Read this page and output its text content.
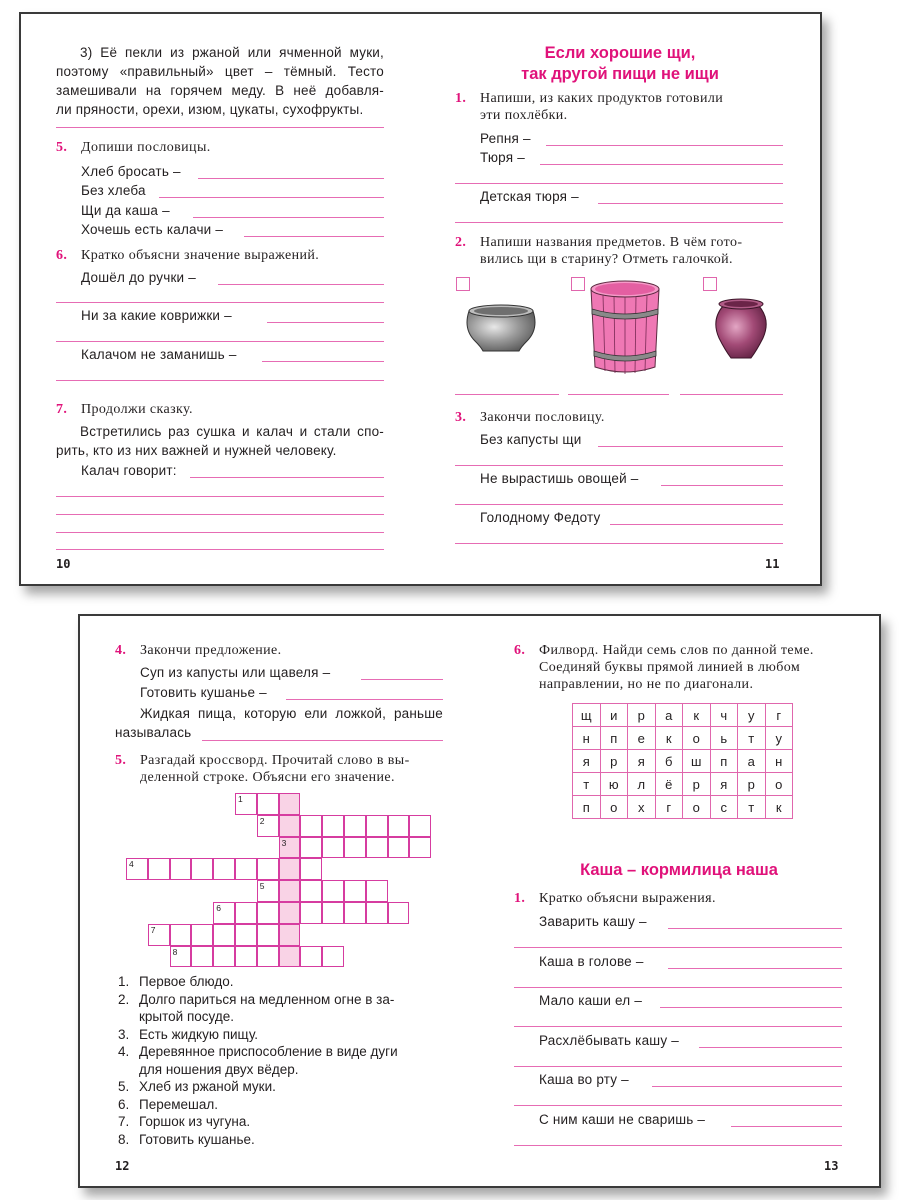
3) Её пекли из ржаной или ячменной муки,
поэтому «правильный» цвет – тёмный. Тесто
замешивали на горячем меду. В неё добавля-
ли пряности, орехи, изюм, цукаты, сухофрукты.
5. Допиши пословицы.
Хлеб бросать –
Без хлеба
Щи да каша –
Хочешь есть калачи –
6. Кратко объясни значение выражений.
Дошёл до ручки –
Ни за какие коврижки –
Калачом не заманишь –
7. Продолжи сказку.
Встретились раз сушка и калач и стали спо-
рить, кто из них важней и нужней человеку.
Калач говорит:
10
Если хорошие щи,
так другой пищи не ищи
1. Напиши, из каких продуктов готовили
эти похлёбки.
Репня –
Тюря –
Детская тюря –
2. Напиши названия предметов. В чём гото-
вились щи в старину? Отметь галочкой.
3. Закончи пословицу.
Без капусты щи
Не вырастишь овощей –
Голодному Федоту
11
4. Закончи предложение.
Суп из капусты или щавеля –
Готовить кушанье –
Жидкая пища, которую ели ложкой, раньше
называлась
5. Разгадай кроссворд. Прочитай слово в вы-
деленной строке. Объясни его значение.
1
2
3
4
5
6
7
8
1. Первое блюдо.
2. Долго париться на медленном огне в за-
крытой посуде.
3. Есть жидкую пищу.
4. Деревянное приспособление в виде дуги
для ношения двух вёдер.
5. Хлеб из ржаной муки.
6. Перемешал.
7. Горшок из чугуна.
8. Готовить кушанье.
12
6. Филворд. Найди семь слов по данной теме.
Соединяй буквы прямой линией в любом
направлении, но не по диагонали.
щ	и	р	а	к	ч	у	г
н	п	е	к	о	ь	т	у
я	р	я	б	ш	п	а	н
т	ю	л	ё	р	я	р	о
п	о	х	г	о	с	т	к
Каша – кормилица наша
1. Кратко объясни выражения.
Заварить кашу –
Каша в голове –
Мало каши ел –
Расхлёбывать кашу –
Каша во рту –
С ним каши не сваришь –
13
